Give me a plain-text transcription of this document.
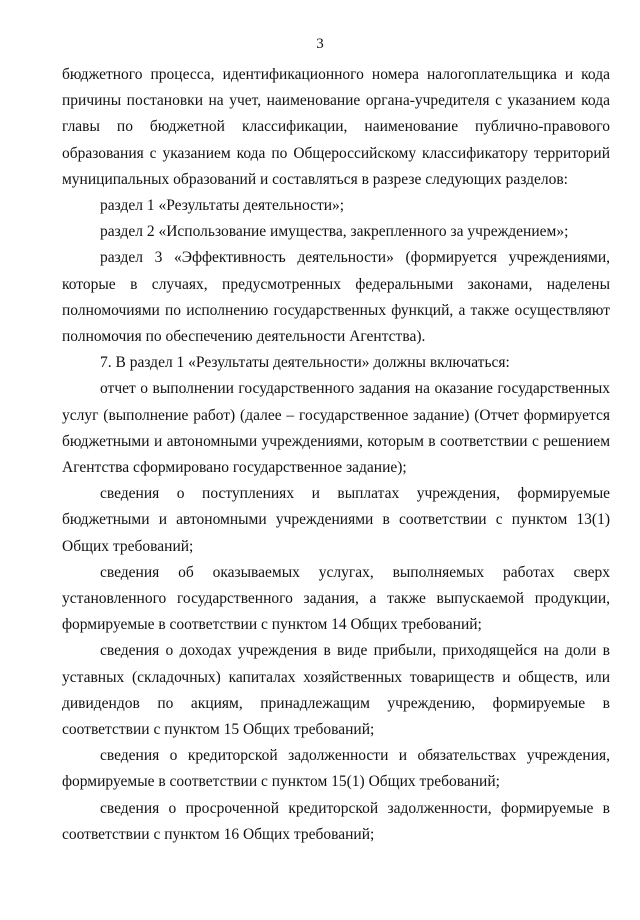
3

бюджетного процесса, идентификационного номера налогоплательщика и кода причины постановки на учет, наименование органа-учредителя с указанием кода главы по бюджетной классификации, наименование публично-правового образования с указанием кода по Общероссийскому классификатору территорий муниципальных образований и составляться в разрезе следующих разделов:

раздел 1 «Результаты деятельности»;

раздел 2 «Использование имущества, закрепленного за учреждением»;

раздел 3 «Эффективность деятельности» (формируется учреждениями, которые в случаях, предусмотренных федеральными законами, наделены полномочиями по исполнению государственных функций, а также осуществляют полномочия по обеспечению деятельности Агентства).

7. В раздел 1 «Результаты деятельности» должны включаться:

отчет о выполнении государственного задания на оказание государственных услуг (выполнение работ) (далее – государственное задание) (Отчет формируется бюджетными и автономными учреждениями, которым в соответствии с решением Агентства сформировано государственное задание);

сведения о поступлениях и выплатах учреждения, формируемые бюджетными и автономными учреждениями в соответствии с пунктом 13(1) Общих требований;

сведения об оказываемых услугах, выполняемых работах сверх установленного государственного задания, а также выпускаемой продукции, формируемые в соответствии с пунктом 14 Общих требований;

сведения о доходах учреждения в виде прибыли, приходящейся на доли в уставных (складочных) капиталах хозяйственных товариществ и обществ, или дивидендов по акциям, принадлежащим учреждению, формируемые в соответствии с пунктом 15 Общих требований;

сведения о кредиторской задолженности и обязательствах учреждения, формируемые в соответствии с пунктом 15(1) Общих требований;

сведения о просроченной кредиторской задолженности, формируемые в соответствии с пунктом 16 Общих требований;
